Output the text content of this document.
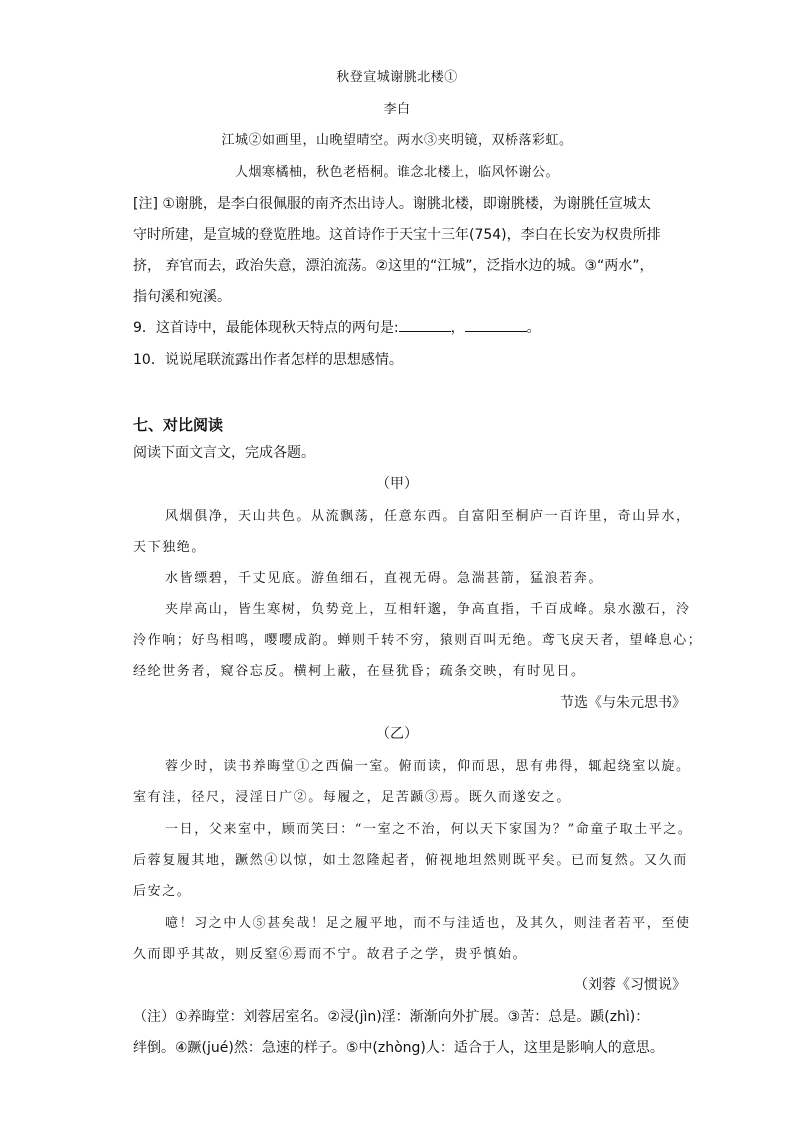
秋登宣城谢朓北楼①
李白
江城②如画里，山晚望晴空。两水③夹明镜，双桥落彩虹。
人烟寒橘柚，秋色老梧桐。谁念北楼上，临风怀谢公。
[注] ①谢朓，是李白很佩服的南齐杰出诗人。谢朓北楼，即谢朓楼，为谢朓任宣城太
守时所建，是宣城的登览胜地。这首诗作于天宝十三年(754)，李白在长安为权贵所排
挤， 弃官而去，政治失意，漂泊流荡。②这里的“江城”，泛指水边的城。③“两水”，
指句溪和宛溪。
9．这首诗中，最能体现秋天特点的两句是:	，	。
10．说说尾联流露出作者怎样的思想感情。
七、对比阅读
阅读下面文言文，完成各题。
（甲）
风烟俱净，天山共色。从流飘荡，任意东西。自富阳至桐庐一百许里，奇山异水，
天下独绝。
水皆缥碧，千丈见底。游鱼细石，直视无碍。急湍甚箭，猛浪若奔。
夹岸高山，皆生寒树，负势竞上，互相轩邈，争高直指，千百成峰。泉水激石，泠
泠作响；好鸟相鸣，嘤嘤成韵。蝉则千转不穷，猿则百叫无绝。鸢飞戾天者，望峰息心；
经纶世务者，窥谷忘反。横柯上蔽，在昼犹昏；疏条交映，有时见日。
节选《与朱元思书》
（乙）
蓉少时，读书养晦堂①之西偏一室。俯而读，仰而思，思有弗得，辄起绕室以旋。
室有洼，径尺，浸淫日广②。每履之，足苦踬③焉。既久而遂安之。
一日，父来室中，顾而笑曰：“一室之不治，何以天下家国为？”命童子取土平之。
后蓉复履其地，蹶然④以惊，如土忽隆起者，俯视地坦然则既平矣。已而复然。又久而
后安之。
噫！习之中人⑤甚矣哉！足之履平地，而不与洼适也，及其久，则洼者若平，至使
久而即乎其故，则反窒⑥焉而不宁。故君子之学，贵乎慎始。
（刘蓉《习惯说》
（注）①养晦堂：刘蓉居室名。②浸(jìn)淫：渐渐向外扩展。③苦：总是。踬(zhì)：
绊倒。④蹶(jué)然：急速的样子。⑤中(zhòng)人：适合于人，这里是影响人的意思。
